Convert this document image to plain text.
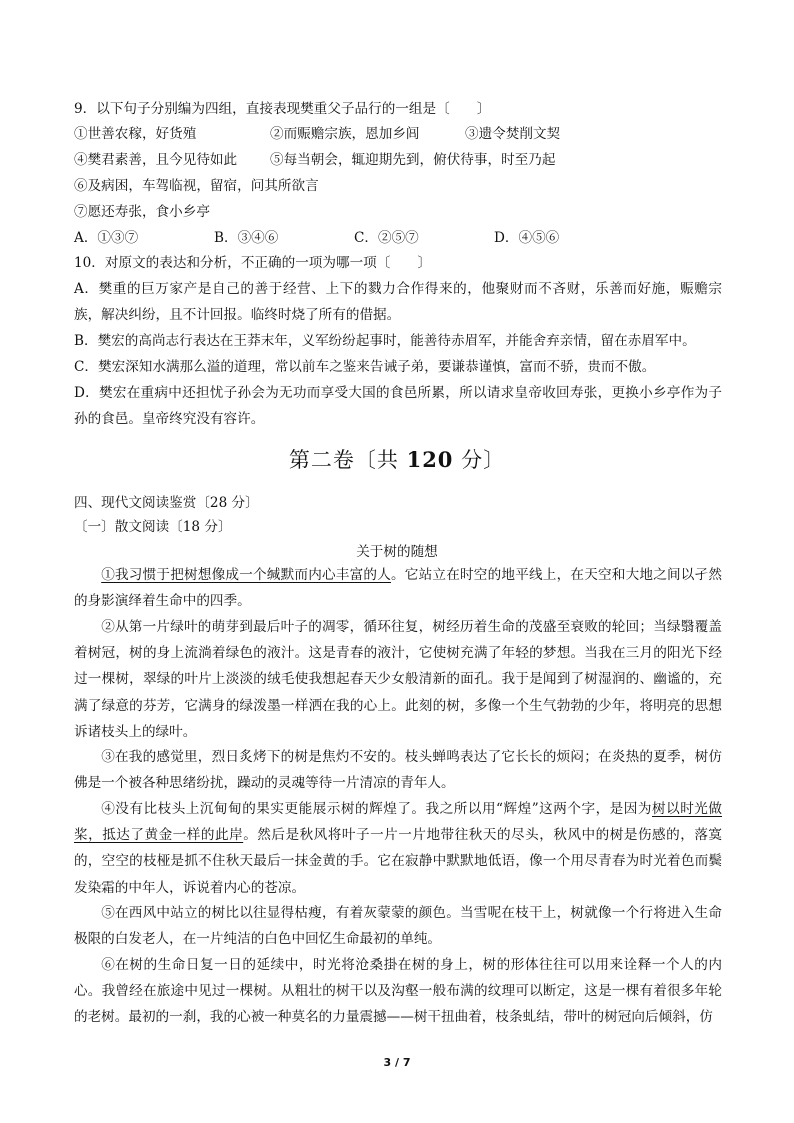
9．以下句子分别编为四组，直接表现樊重父子品行的一组是〔　　〕
①世善农稼，好货殖	②而赈赡宗族，恩加乡闾	③遗令焚削文契
④樊君素善，且今见待如此 ⑤每当朝会，辄迎期先到，俯伏待事，时至乃起
⑥及病困，车驾临视，留宿，问其所欲言
⑦愿还寿张，食小乡亭
A．①③⑦	B．③④⑥	C．②⑤⑦	D．④⑤⑥
10．对原文的表达和分析，不正确的一项为哪一项〔　　〕
A．樊重的巨万家产是自己的善于经营、上下的戮力合作得来的，他聚财而不吝财，乐善而好施，赈赡宗族，解决纠纷，且不计回报。临终时烧了所有的借据。
B．樊宏的高尚志行表达在王莽末年，义军纷纷起事时，能善待赤眉军，并能舍弃亲情，留在赤眉军中。
C．樊宏深知水满那么溢的道理，常以前车之鉴来告诫子弟，要谦恭谨慎，富而不骄，贵而不傲。
D．樊宏在重病中还担忧子孙会为无功而享受大国的食邑所累，所以请求皇帝收回寿张，更换小乡亭作为子孙的食邑。皇帝终究没有容许。
第二卷〔共 120 分〕
四、现代文阅读鉴赏〔28 分〕
〔一〕散文阅读〔18 分〕
关于树的随想
①我习惯于把树想像成一个缄默而内心丰富的人。它站立在时空的地平线上，在天空和大地之间以孑然的身影演绎着生命中的四季。
②从第一片绿叶的萌芽到最后叶子的凋零，循环往复，树经历着生命的茂盛至衰败的轮回；当绿翳覆盖着树冠，树的身上流淌着绿色的液汁。这是青春的液汁，它使树充满了年轻的梦想。当我在三月的阳光下经过一棵树，翠绿的叶片上淡淡的绒毛使我想起春天少女般清新的面孔。我于是闻到了树湿润的、幽谧的，充满了绿意的芬芳，它满身的绿泼墨一样洒在我的心上。此刻的树，多像一个生气勃勃的少年，将明亮的思想诉诸枝头上的绿叶。
③在我的感觉里，烈日炙烤下的树是焦灼不安的。枝头蝉鸣表达了它长长的烦闷；在炎热的夏季，树仿佛是一个被各种思绪纷扰，躁动的灵魂等待一片清凉的青年人。
④没有比枝头上沉甸甸的果实更能展示树的辉煌了。我之所以用“辉煌”这两个字，是因为树以时光做桨，抵达了黄金一样的此岸。然后是秋风将叶子一片一片地带往秋天的尽头，秋风中的树是伤感的，落寞的，空空的枝桠是抓不住秋天最后一抹金黄的手。它在寂静中默默地低语，像一个用尽青春为时光着色而鬓发染霜的中年人，诉说着内心的苍凉。
⑤在西风中站立的树比以往显得枯瘦，有着灰蒙蒙的颜色。当雪呢在枝干上，树就像一个行将进入生命极限的白发老人，在一片纯洁的白色中回忆生命最初的单纯。
⑥在树的生命日复一日的延续中，时光将沧桑掛在树的身上，树的形体往往可以用来诠释一个人的内心。我曾经在旅途中见过一棵树。从粗壮的树干以及沟壑一般布满的纹理可以断定，这是一棵有着很多年轮的老树。最初的一刹，我的心被一种莫名的力量震撼——树干扭曲着，枝条虬结，带叶的树冠向后倾斜，仿
3 / 7
